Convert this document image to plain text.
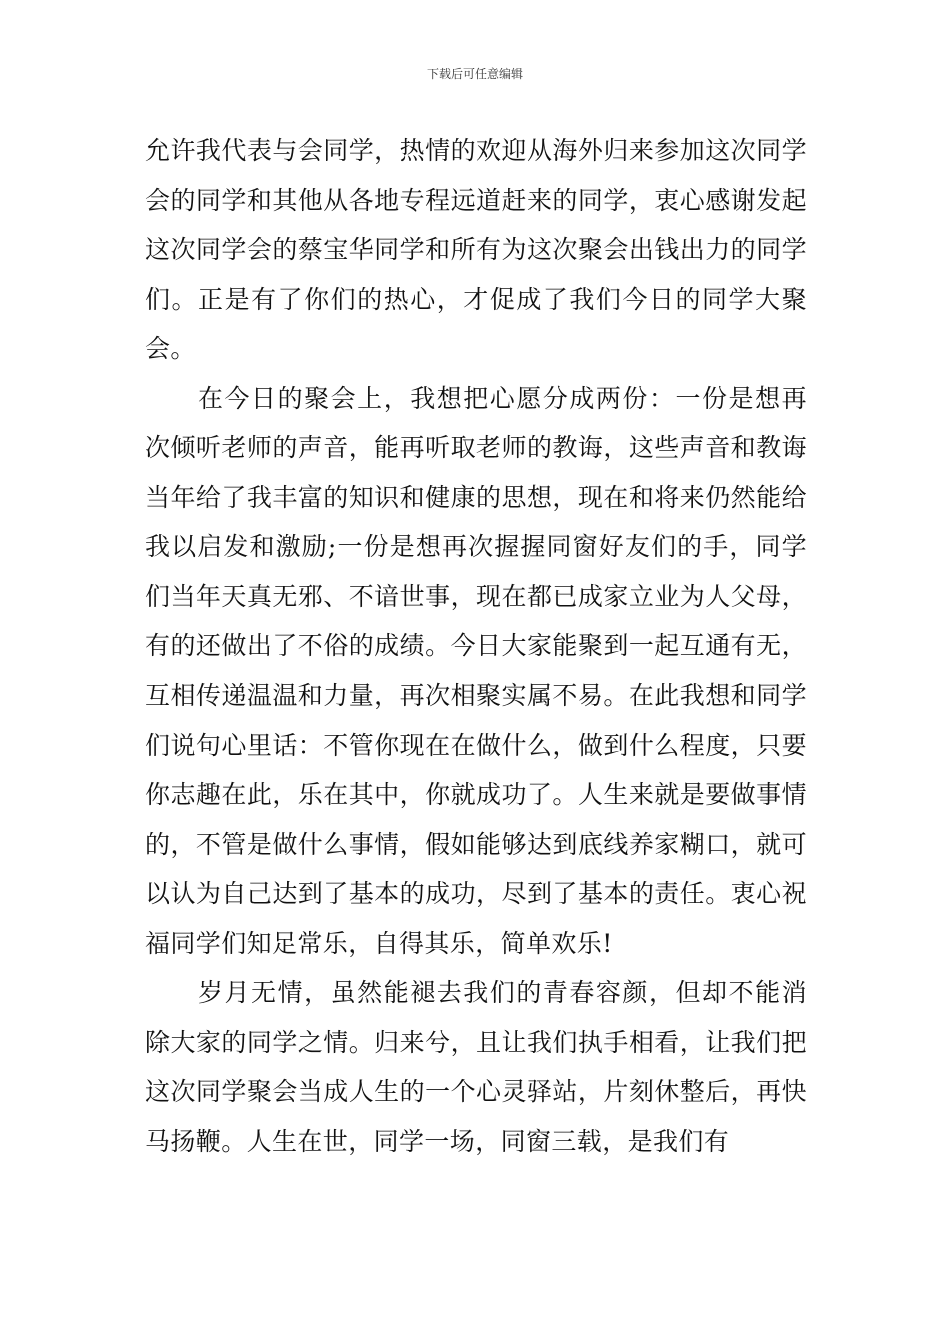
下载后可任意编辑

允许我代表与会同学，热情的欢迎从海外归来参加这次同学会的同学和其他从各地专程远道赶来的同学，衷心感谢发起这次同学会的蔡宝华同学和所有为这次聚会出钱出力的同学们。正是有了你们的热心，才促成了我们今日的同学大聚会。

在今日的聚会上，我想把心愿分成两份：一份是想再次倾听老师的声音，能再听取老师的教诲，这些声音和教诲当年给了我丰富的知识和健康的思想，现在和将来仍然能给我以启发和激励;一份是想再次握握同窗好友们的手，同学们当年天真无邪、不谙世事，现在都已成家立业为人父母，有的还做出了不俗的成绩。今日大家能聚到一起互通有无，互相传递温温和力量，再次相聚实属不易。在此我想和同学们说句心里话：不管你现在在做什么，做到什么程度，只要你志趣在此，乐在其中，你就成功了。人生来就是要做事情的，不管是做什么事情，假如能够达到底线养家糊口，就可以认为自己达到了基本的成功，尽到了基本的责任。衷心祝福同学们知足常乐，自得其乐，简单欢乐!

岁月无情，虽然能褪去我们的青春容颜，但却不能消除大家的同学之情。归来兮，且让我们执手相看，让我们把这次同学聚会当成人生的一个心灵驿站，片刻休整后，再快马扬鞭。人生在世，同学一场，同窗三载，是我们有
